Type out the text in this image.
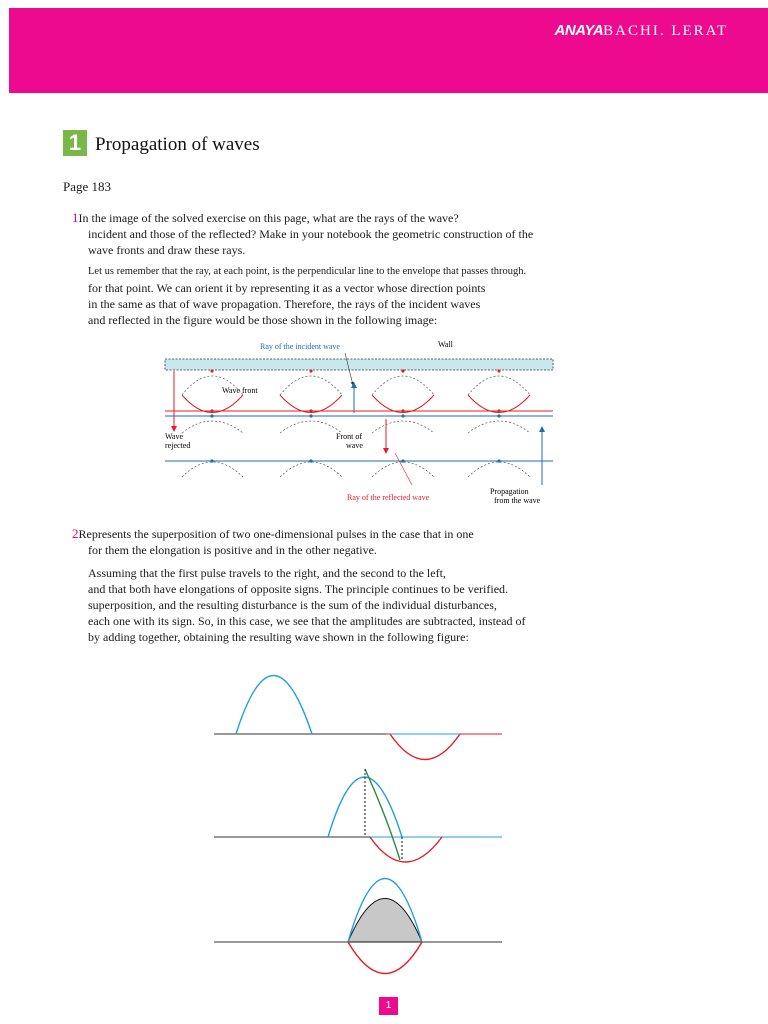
ANAYABACHI. LERAT
1 Propagation of waves
Page 183
1 In the image of the solved exercise on this page, what are the rays of the wave?
incident and those of the reflected? Make in your notebook the geometric construction of the
wave fronts and draw these rays.
Let us remember that the ray, at each point, is the perpendicular line to the envelope that passes through.
for that point. We can orient it by representing it as a vector whose direction points
in the same as that of wave propagation. Therefore, the rays of the incident waves
and reflected in the figure would be those shown in the following image:
Wall
Ray of the incident wave
Wave front
Wave
rejected
Front of
wave
Ray of the reflected wave
Propagation
from the wave
2 Represents the superposition of two one-dimensional pulses in the case that in one
for them the elongation is positive and in the other negative.
Assuming that the first pulse travels to the right, and the second to the left,
and that both have elongations of opposite signs. The principle continues to be verified.
superposition, and the resulting disturbance is the sum of the individual disturbances,
each one with its sign. So, in this case, we see that the amplitudes are subtracted, instead of
by adding together, obtaining the resulting wave shown in the following figure:
1
